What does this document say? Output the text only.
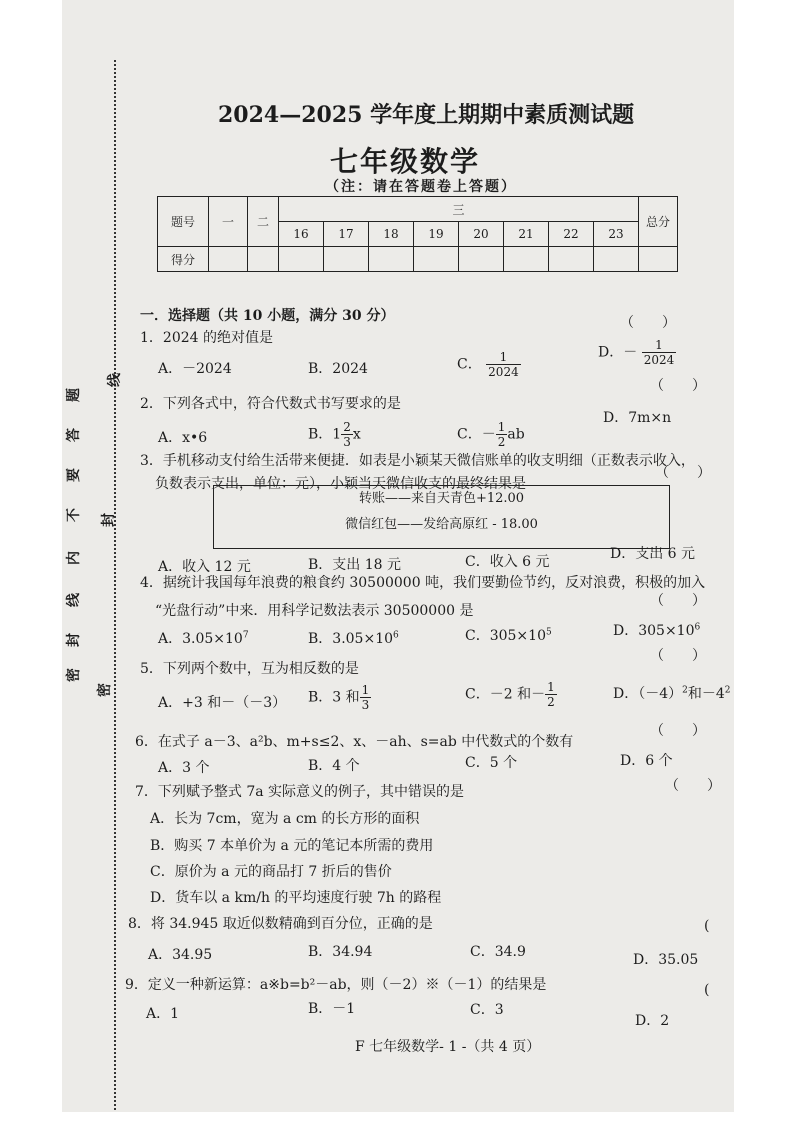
密
封
线
内
不
要
答
题
线
封
密
2024—2025 学年度上期期中素质测试题
七年级数学
（注：请在答题卷上答题）
题号	一	二	三								总分
			16	17	18	19	20	21	22	23	
得分											
一．选择题（共 10 小题，满分 30 分）	（　　）
1．2024 的绝对值是
A．－2024	B．2024	C． $\frac{1}{2024}$	D．－ $\frac{1}{2024}$
（　　）
2．下列各式中，符合代数式书写要求的是
A．x•6	B．$1 \frac{2}{3}$ x	C．－ $\frac{1}{2}$ ab
D．7m×n
（　　）
3．手机移动支付给生活带来便捷．如表是小颖某天微信账单的收支明细（正数表示收入，
负数表示支出，单位：元），小颖当天微信收支的最终结果是
转账——来自天青色+12.00
微信红包——发给高原红 - 18.00
A．收入 12 元	B．支出 18 元	C．收入 6 元	D．支出 6 元
4．据统计我国每年浪费的粮食约 30500000 吨，我们要勤俭节约，反对浪费，积极的加入
（　　）
“光盘行动”中来．用科学记数法表示 30500000 是
A．$3.05\times 10^7$	B．$3.05\times 10^6$	C．$305\times 10^5$	D．$305\times 10^6$
（　　）
5．下列两个数中，互为相反数的是
A．+3 和－（－3） B．3 和 $\frac{1}{3}$	C．－2 和－ $\frac{1}{2}$	D．$(-4)^2$和$-4^2$
（　　）
6．在式子 a－3、a²b、m+s≤2、x、－ah、s=ab 中代数式的个数有
A．3 个	B．4 个	C．5 个	D．6 个
（　　）
7．下列赋予整式 7a 实际意义的例子，其中错误的是
A．长为 7cm，宽为 a cm 的长方形的面积
B．购买 7 本单价为 a 元的笔记本所需的费用
C．原价为 a 元的商品打 7 折后的售价
D．货车以 a km/h 的平均速度行驶 7h 的路程
8．将 34.945 取近似数精确到百分位，正确的是	(
A．34.95	B．34.94	C．34.9	D．35.05
9．定义一种新运算：a※b=b²－ab，则（－2）※（－1）的结果是	(
A．1	B．－1	C．3
D．2
F 七年级数学- 1 -（共 4 页）
